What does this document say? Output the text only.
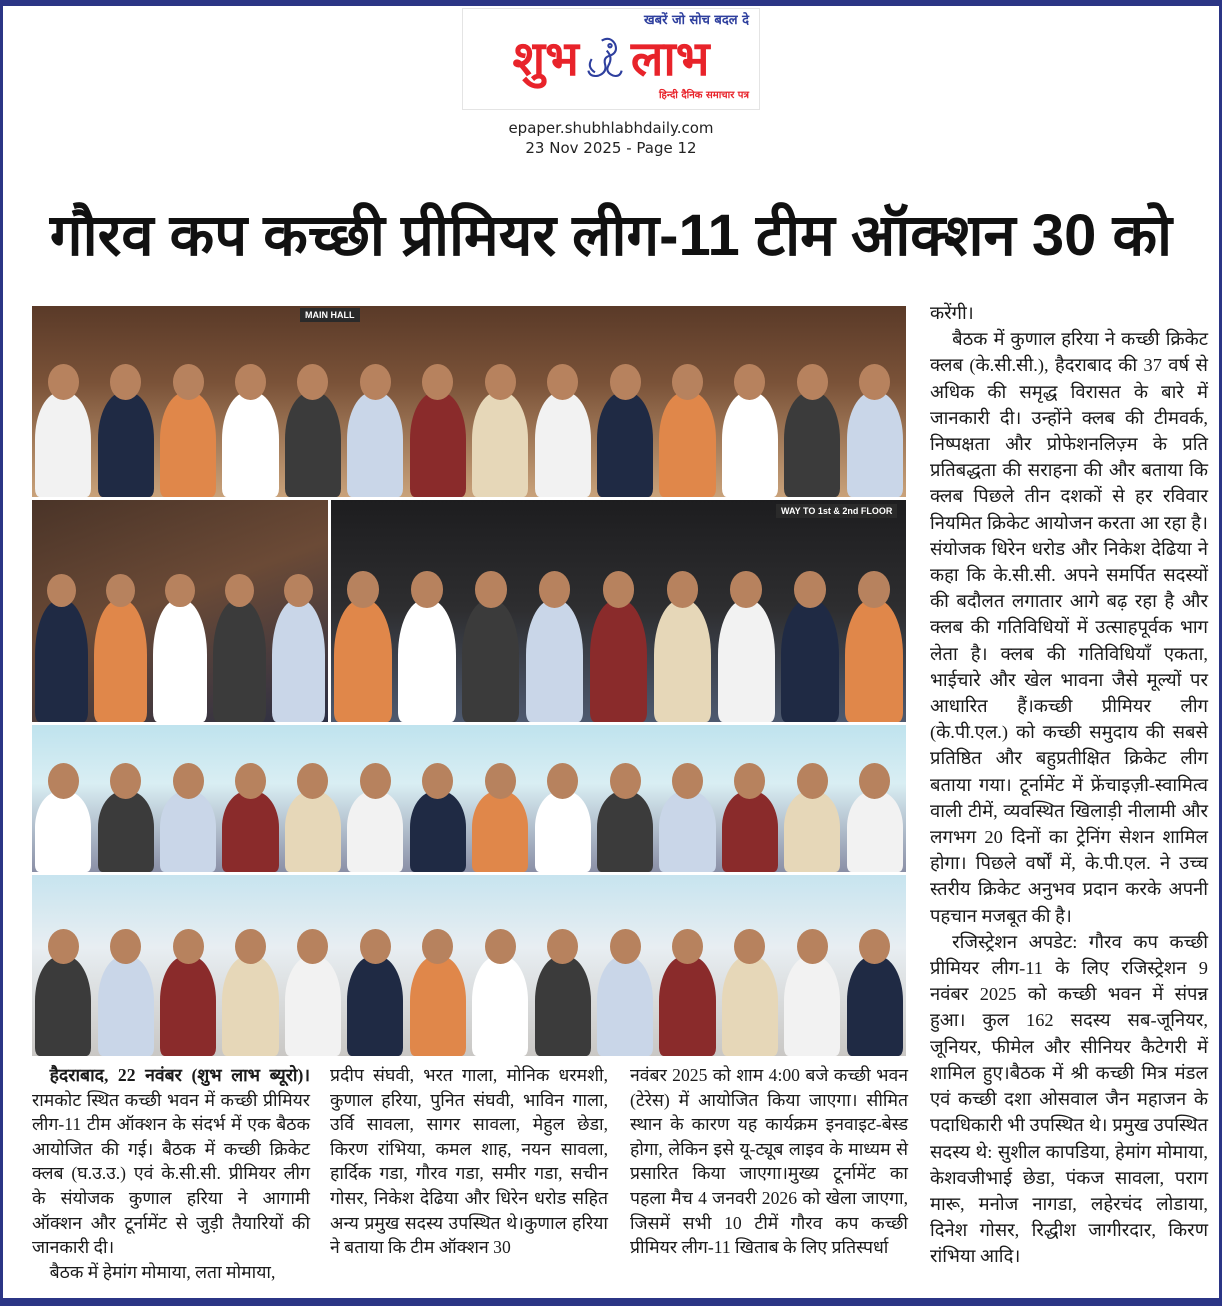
खबरें जो सोच बदल दे
शुभ लाभ
हिन्दी दैनिक समाचार पत्र
epaper.shubhlabhdaily.com
23 Nov 2025 - Page 12
गौरव कप कच्छी प्रीमियर लीग-11 टीम ऑक्शन 30 को
MAIN HALL
WAY TO 1st & 2nd FLOOR

करेंगी।

बैठक में कुणाल हरिया ने कच्छी क्रिकेट क्लब (के.सी.सी.), हैदराबाद की 37 वर्ष से अधिक की समृद्ध विरासत के बारे में जानकारी दी। उन्होंने क्लब की टीमवर्क, निष्पक्षता और प्रोफेशनलिज़्म के प्रति प्रतिबद्धता की सराहना की और बताया कि क्लब पिछले तीन दशकों से हर रविवार नियमित क्रिकेट आयोजन करता आ रहा है।संयोजक धिरेन धरोड और निकेश देढिया ने कहा कि के.सी.सी. अपने समर्पित सदस्यों की बदौलत लगातार आगे बढ़ रहा है और क्लब की गतिविधियों में उत्साहपूर्वक भाग लेता है। क्लब की गतिविधियाँ एकता, भाईचारे और खेल भावना जैसे मूल्यों पर आधारित हैं।कच्छी प्रीमियर लीग (के.पी.एल.) को कच्छी समुदाय की सबसे प्रतिष्ठित और बहुप्रतीक्षित क्रिकेट लीग बताया गया। टूर्नामेंट में फ्रेंचाइज़ी-स्वामित्व वाली टीमें, व्यवस्थित खिलाड़ी नीलामी और लगभग 20 दिनों का ट्रेनिंग सेशन शामिल होगा। पिछले वर्षों में, के.पी.एल. ने उच्च स्तरीय क्रिकेट अनुभव प्रदान करके अपनी पहचान मजबूत की है।

रजिस्ट्रेशन अपडेट: गौरव कप कच्छी प्रीमियर लीग-11 के लिए रजिस्ट्रेशन 9 नवंबर 2025 को कच्छी भवन में संपन्न हुआ। कुल 162 सदस्य सब-जूनियर, जूनियर, फीमेल और सीनियर कैटेगरी में शामिल हुए।बैठक में श्री कच्छी मित्र मंडल एवं कच्छी दशा ओसवाल जैन महाजन के पदाधिकारी भी उपस्थित थे। प्रमुख उपस्थित सदस्य थे: सुशील कापडिया, हेमांग मोमाया, केशवजीभाई छेडा, पंकज सावला, पराग मारू, मनोज नागडा, लहेरचंद लोडाया, दिनेश गोसर, रिद्धीश जागीरदार, किरण रांभिया आदि।

हैदराबाद, 22 नवंबर (शुभ लाभ ब्यूरो)। रामकोट स्थित कच्छी भवन में कच्छी प्रीमियर लीग-11 टीम ऑक्शन के संदर्भ में एक बैठक आयोजित की गई। बैठक में कच्छी क्रिकेट क्लब (घ.उ.उ.) एवं के.सी.सी. प्रीमियर लीग के संयोजक कुणाल हरिया ने आगामी ऑक्शन और टूर्नामेंट से जुड़ी तैयारियों की जानकारी दी।

बैठक में हेमांग मोमाया, लता मोमाया,

प्रदीप संघवी, भरत गाला, मोनिक धरमशी, कुणाल हरिया, पुनित संघवी, भाविन गाला, उर्वि सावला, सागर सावला, मेहुल छेडा, किरण रांभिया, कमल शाह, नयन सावला, हार्दिक गडा, गौरव गडा, समीर गडा, सचीन गोसर, निकेश देढिया और धिरेन धरोड सहित अन्य प्रमुख सदस्य उपस्थित थे।कुणाल हरिया ने बताया कि टीम ऑक्शन 30

नवंबर 2025 को शाम 4:00 बजे कच्छी भवन (टेरेस) में आयोजित किया जाएगा। सीमित स्थान के कारण यह कार्यक्रम इनवाइट-बेस्ड होगा, लेकिन इसे यू-ट्यूब लाइव के माध्यम से प्रसारित किया जाएगा।मुख्य टूर्नामेंट का पहला मैच 4 जनवरी 2026 को खेला जाएगा, जिसमें सभी 10 टीमें गौरव कप कच्छी प्रीमियर लीग-11 खिताब के लिए प्रतिस्पर्धा
